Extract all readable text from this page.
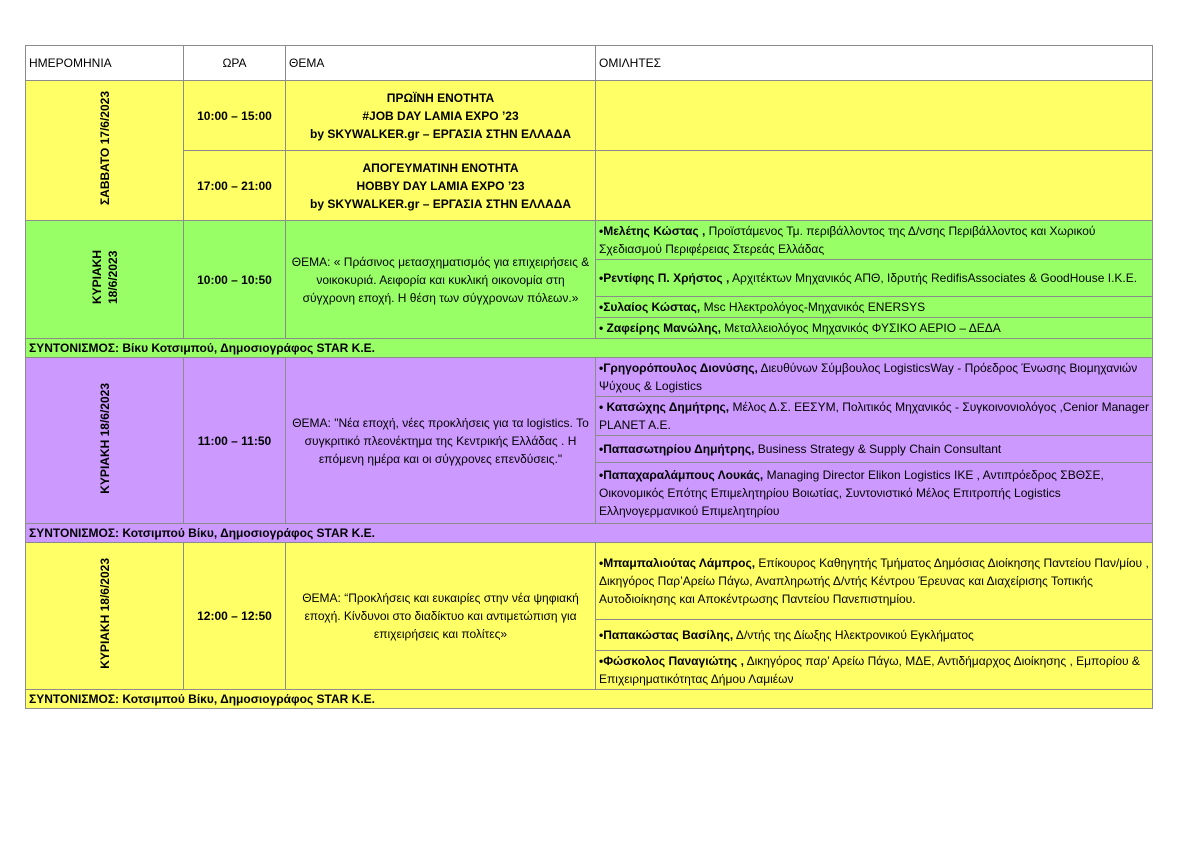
ΗΜΕΡΟΜΗΝΙΑ	ΩΡΑ	ΘΕΜΑ	ΟΜΙΛΗΤΕΣ
ΣΑΒΒΑΤΟ 17/6/2023	10:00 – 15:00	ΠΡΩΪΝΗ ΕΝΟΤΗΤΑ
#JOB DAY LAMIA EXPO ’23
by SKYWALKER.gr – ΕΡΓΑΣΙΑ ΣΤΗΝ ΕΛΛΑΔΑ	

	17:00 – 21:00	ΑΠΟΓΕΥΜΑΤΙΝΗ ΕΝΟΤΗΤΑ
HOBBY DAY LAMIA EXPO ’23
by SKYWALKER.gr – ΕΡΓΑΣΙΑ ΣΤΗΝ ΕΛΛΑΔΑ	

ΚΥΡΙΑΚΗ 18/6/2023	10:00 – 10:50	ΘΕΜΑ: « Πράσινος μετασχηματισμός για επιχειρήσεις & νοικοκυριά. Αειφορία και κυκλική οικονομία στη σύγχρονη εποχή. Η θέση των σύγχρονων πόλεων.»	•Μελέτης Κώστας , Προϊστάμενος Τμ. περιβάλλοντος της Δ/νσης Περιβάλλοντος και Χωρικού Σχεδιασμού Περιφέρειας Στερεάς Ελλάδας
			•Ρεντίφης Π. Χρήστος , Αρχιτέκτων Μηχανικός ΑΠΘ, Ιδρυτής RedifisAssociates & GoodHouse Ι.Κ.Ε.
			•Συλαίος Κώστας, Msc Ηλεκτρολόγος-Μηχανικός ENERSYS
			• Ζαφείρης Μανώλης, Μεταλλειολόγος Μηχανικός ΦΥΣΙΚΟ ΑΕΡΙΟ – ΔΕΔΑ
ΣΥΝΤΟΝΙΣΜΟΣ: Βίκυ Κοτσιμπού, Δημοσιογράφος STAR K.E.			
ΚΥΡΙΑΚΗ 18/6/2023	11:00 – 11:50	ΘΕΜΑ: "Νέα εποχή, νέες προκλήσεις για τα logistics. Το συγκριτικό πλεονέκτημα της Κεντρικής Ελλάδας . Η επόμενη ημέρα και οι σύγχρονες επενδύσεις."	•Γρηγορόπουλος Διονύσης, Διευθύνων Σύμβουλος LogisticsWay - Πρόεδρος Ένωσης Βιομηχανιών Ψύχους & Logistics
			• Κατσώχης Δημήτρης, Μέλος Δ.Σ. ΕΕΣΥΜ, Πολιτικός Μηχανικός - Συγκοινονιολόγος ,Cenior Manager PLANET A.E.
			•Παπασωτηρίου Δημήτρης, Business Strategy & Supply Chain Consultant
			•Παπαχαραλάμπους Λουκάς, Managing Director Elikon Logistics ΙΚΕ , Αντιπρόεδρος ΣΒΘΣΕ, Οικονομικός Επότης Επιμελητηρίου Βοιωτίας, Συντονιστικό Μέλος Επιτροπής Logistics Ελληνογερμανικού Επιμελητηρίου
ΣΥΝΤΟΝΙΣΜΟΣ: Κοτσιμπού Βίκυ, Δημοσιογράφος STAR K.E.			
ΚΥΡΙΑΚΗ 18/6/2023	12:00 – 12:50	ΘΕΜΑ: “Προκλήσεις και ευκαιρίες στην νέα ψηφιακή εποχή. Κίνδυνοι στο διαδίκτυο και αντιμετώπιση για επιχειρήσεις και πολίτες»	•Μπαμπαλιούτας Λάμπρος, Επίκουρος Καθηγητής Τμήματος Δημόσιας Διοίκησης Παντείου Παν/μίου , Δικηγόρος Παρ’Αρείω Πάγω, Αναπληρωτής Δ/ντής Κέντρου Έρευνας και Διαχείρισης Τοπικής Αυτοδιοίκησης και Αποκέντρωσης Παντείου Πανεπιστημίου.
			•Παπακώστας Βασίλης, Δ/ντής της Δίωξης Ηλεκτρονικού Εγκλήματος
			•Φώσκολος Παναγιώτης , Δικηγόρος παρ’ Αρείω Πάγω, ΜΔΕ, Αντιδήμαρχος Διοίκησης , Εμπορίου & Επιχειρηματικότητας Δήμου Λαμιέων
ΣΥΝΤΟΝΙΣΜΟΣ: Κοτσιμπού Βίκυ, Δημοσιογράφος STAR K.E.			
